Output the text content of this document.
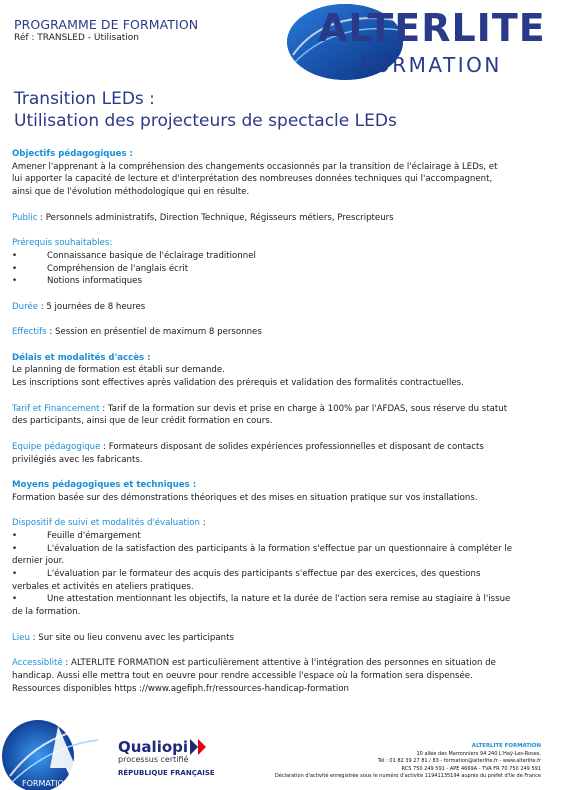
PROGRAMME DE FORMATION
Réf : TRANSLED - Utilisation	ALTERLITE
FORMATION
Transition LEDs :
Utilisation des projecteurs de spectacle LEDs
Objectifs pédagogiques :
Amener l'apprenant à la compréhension des changements occasionnés par la transition de l'éclairage à LEDs, et
lui apporter la capacité de lecture et d'interprétation des nombreuses données techniques qui l'accompagnent,
ainsi que de l'évolution méthodologique qui en résulte.
Public : Personnels administratifs, Direction Technique, Régisseurs métiers, Prescripteurs
Prérequis souhaitables:
•	Connaissance basique de l'éclairage traditionnel
•	Compréhension de l'anglais écrit
•	Notions informatiques
Durée : 5 journées de 8 heures
Effectifs : Session en présentiel de maximum 8 personnes
Délais et modalités d'accès :
Le planning de formation est établi sur demande.
Les inscriptions sont effectives après validation des prérequis et validation des formalités contractuelles.
Tarif et Financement : Tarif de la formation sur devis et prise en charge à 100% par l'AFDAS, sous réserve du statut
des participants, ainsi que de leur crédit formation en cours.
Equipe pédagogique : Formateurs disposant de solides expériences professionnelles et disposant de contacts
privilégiés avec les fabricants.
Moyens pédagogiques et techniques :
Formation basée sur des démonstrations théoriques et des mises en situation pratique sur vos installations.
Dispositif de suivi et modalités d'évaluation :
•	Feuille d'émargement
•	L'évaluation de la satisfaction des participants à la formation s'effectue par un questionnaire à compléter le
dernier jour.
•	L'évaluation par le formateur des acquis des participants s'effectue par des exercices, des questions
verbales et activités en ateliers pratiques.
•	Une attestation mentionnant les objectifs, la nature et la durée de l'action sera remise au stagiaire à l'issue
de la formation.
Lieu : Sur site ou lieu convenu avec les participants
Accessiblité : ALTERLITE FORMATION est particulièrement attentive à l'intégration des personnes en situation de
handicap. Aussi elle mettra tout en oeuvre pour rendre accessible l'espace où la formation sera dispensée.
Ressources disponibles https ://www.agefiph.fr/ressources-handicap-formation
FORMATION
Qualiopi
processus certifié
RÉPUBLIQUE FRANÇAISE
ALTERLITE FORMATION
10 allée des Marronniers 94 240 L'Haÿ-Les-Roses.
Tél : 01 82 39 27 81 / 83 - formation@alterlite.fr - www.alterlite.fr
RCS 750 249 591 - APE 4669A - TVA FR 70 750 249 591
Déclaration d'activité enregistrée sous le numéro d'activité 11941135194 auprès du préfet d'Ile de France
